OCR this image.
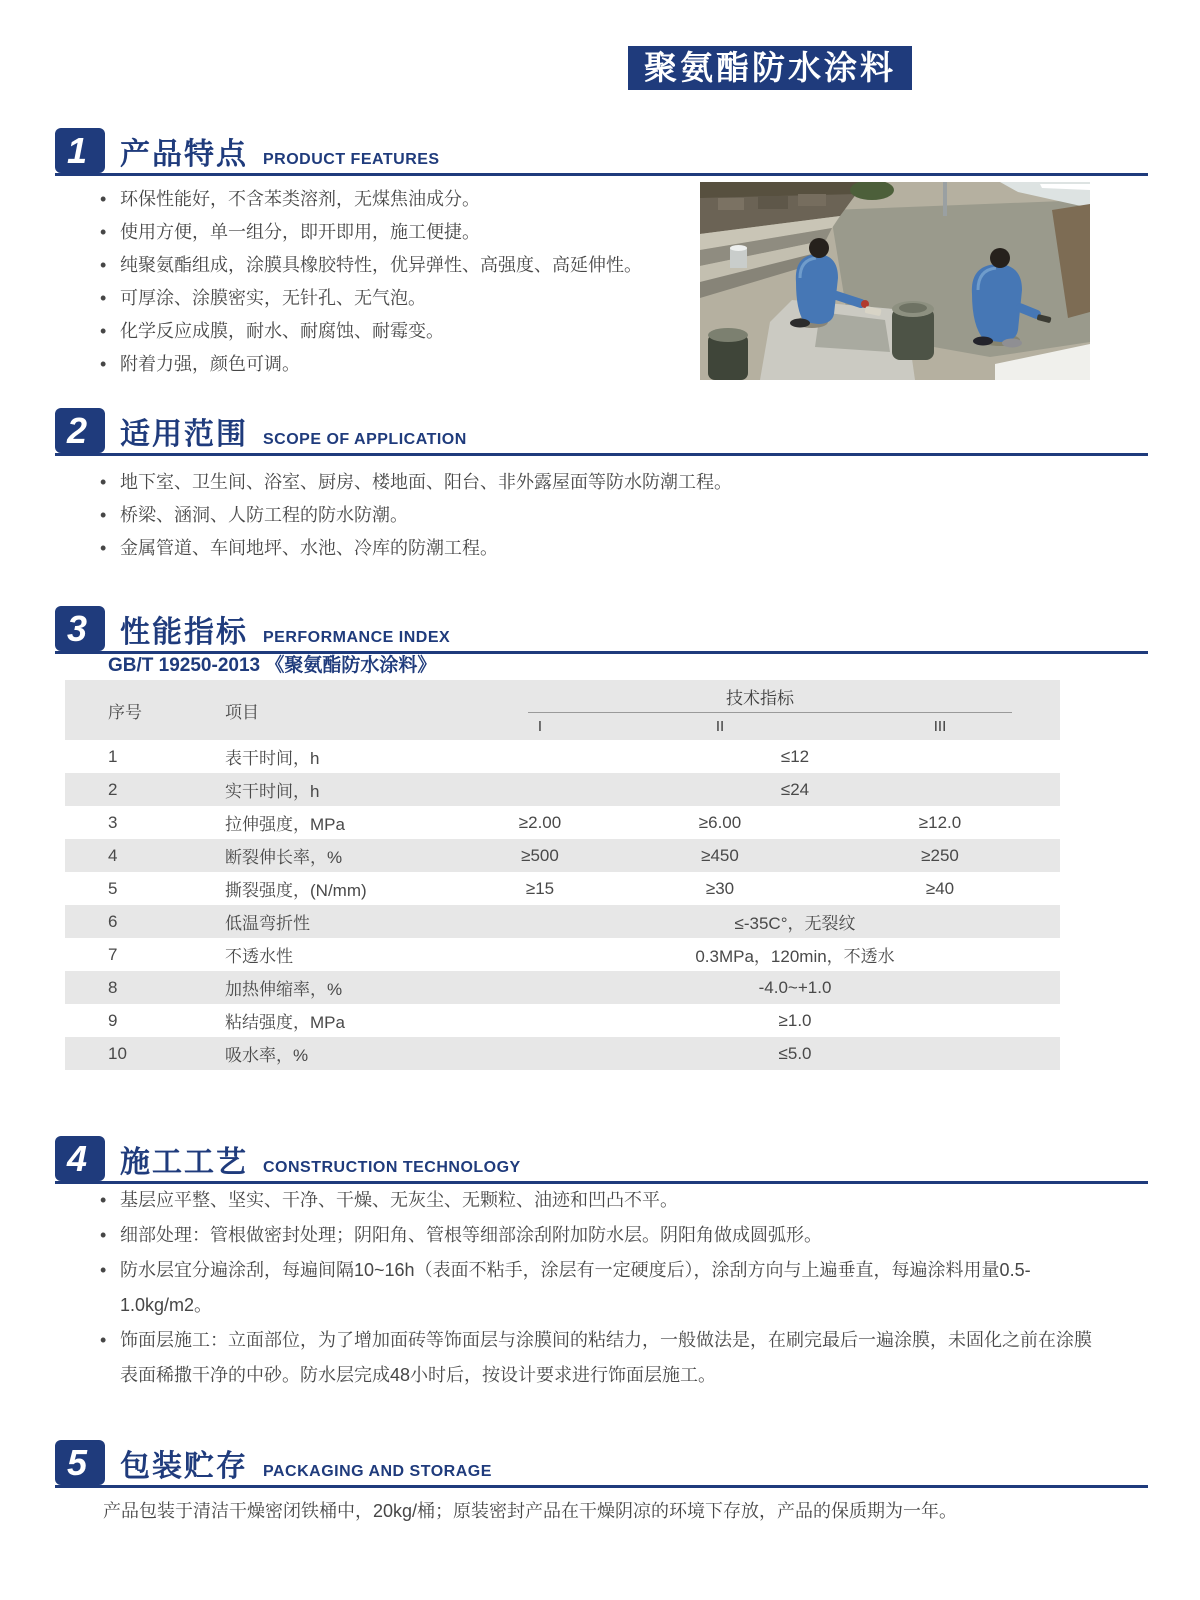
聚氨酯防水涂料
1	产品特点 PRODUCT FEATURES
• 环保性能好，不含苯类溶剂，无煤焦油成分。
• 使用方便，单一组分，即开即用，施工便捷。
• 纯聚氨酯组成，涂膜具橡胶特性，优异弹性、高强度、高延伸性。
• 可厚涂、涂膜密实，无针孔、无气泡。
• 化学反应成膜，耐水、耐腐蚀、耐霉变。
• 附着力强，颜色可调。
2	适用范围 SCOPE OF APPLICATION
• 地下室、卫生间、浴室、厨房、楼地面、阳台、非外露屋面等防水防潮工程。
• 桥梁、涵洞、人防工程的防水防潮。
• 金属管道、车间地坪、水池、冷库的防潮工程。
3	性能指标 PERFORMANCE INDEX
GB/T 19250-2013 《聚氨酯防水涂料》
序号	项目	技术指标		
		I	II	III
1	表干时间，h	≤12		
2	实干时间，h	≤24		
3	拉伸强度，MPa	≥2.00	≥6.00	≥12.0
4	断裂伸长率，%	≥500	≥450	≥250
5	撕裂强度，(N/mm)	≥15	≥30	≥40
6	低温弯折性	≤-35C°，无裂纹		
7	不透水性	0.3MPa，120min，不透水		
8	加热伸缩率，%	-4.0~+1.0		
9	粘结强度，MPa	≥1.0		
10	吸水率，%	≤5.0		
4	施工工艺 CONSTRUCTION TECHNOLOGY
• 基层应平整、坚实、干净、干燥、无灰尘、无颗粒、油迹和凹凸不平。
• 细部处理：管根做密封处理；阴阳角、管根等细部涂刮附加防水层。阴阳角做成圆弧形。
• 防水层宜分遍涂刮，每遍间隔10~16h（表面不粘手，涂层有一定硬度后），涂刮方向与上遍垂直，每遍涂料用量0.5-1.0kg/m2。
• 饰面层施工：立面部位，为了增加面砖等饰面层与涂膜间的粘结力，一般做法是，在刷完最后一遍涂膜，未固化之前在涂膜表面稀撒干净的中砂。防水层完成48小时后，按设计要求进行饰面层施工。
5	包装贮存 PACKAGING AND STORAGE
产品包装于清洁干燥密闭铁桶中，20kg/桶；原装密封产品在干燥阴凉的环境下存放，产品的保质期为一年。
